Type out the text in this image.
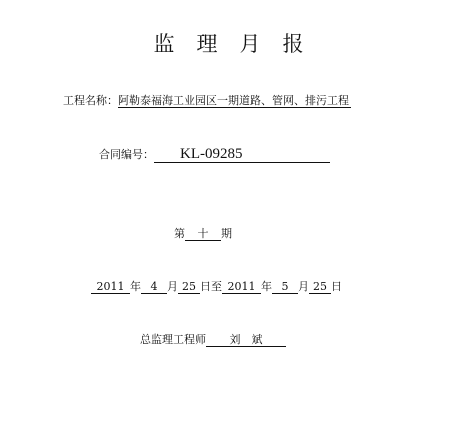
监 理 月 报
工程名称：阿勒泰福海工业园区一期道路、管网、排污工程
合同编号： KL-09285
第 十 期
2011 年 4 月 25 日至 2011 年 5 月 25 日
总监理工程师 刘　斌
